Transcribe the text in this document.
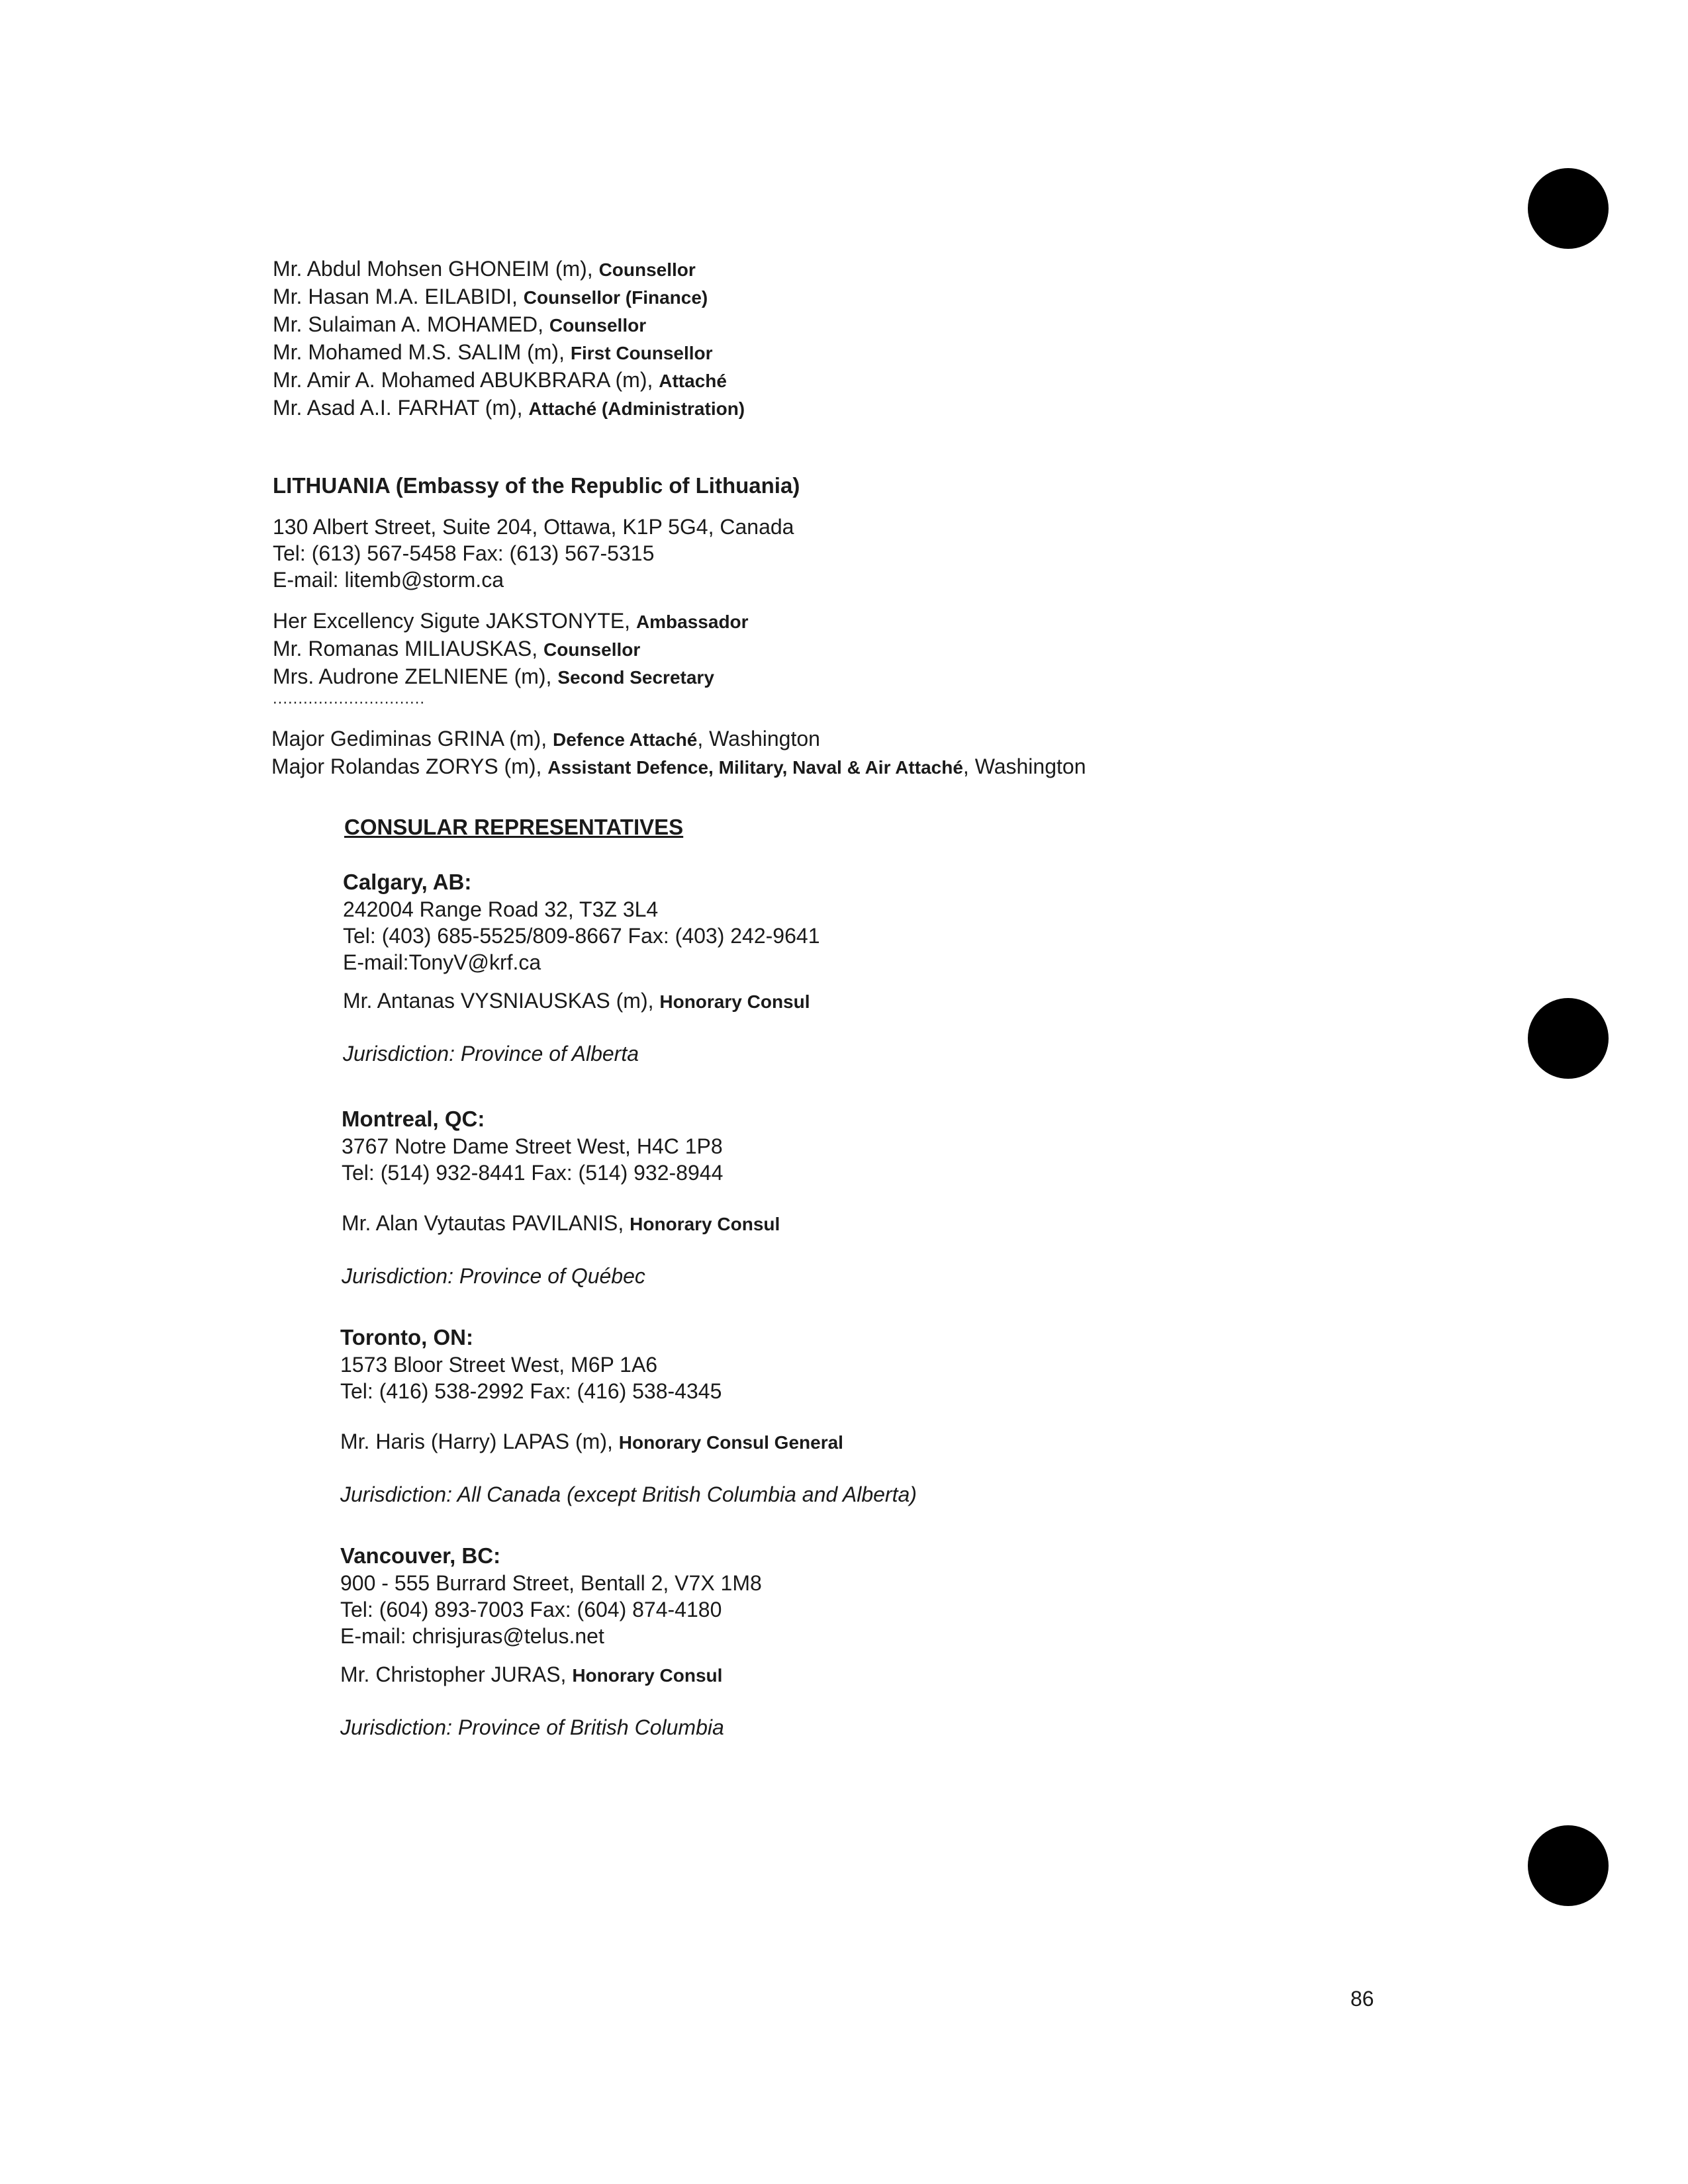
Mr. Abdul Mohsen GHONEIM (m), Counsellor
Mr. Hasan M.A. EILABIDI, Counsellor (Finance)
Mr. Sulaiman A. MOHAMED, Counsellor
Mr. Mohamed M.S. SALIM (m), First Counsellor
Mr. Amir A. Mohamed ABUKBRARA (m), Attaché
Mr. Asad A.I. FARHAT (m), Attaché (Administration)
LITHUANIA (Embassy of the Republic of Lithuania)
130 Albert Street, Suite 204, Ottawa, K1P 5G4, Canada
Tel: (613) 567-5458 Fax: (613) 567-5315
E-mail: litemb@storm.ca
Her Excellency Sigute JAKSTONYTE, Ambassador
Mr. Romanas MILIAUSKAS, Counsellor
Mrs. Audrone ZELNIENE (m), Second Secretary
..............................
Major Gediminas GRINA (m), Defence Attaché, Washington
Major Rolandas ZORYS (m), Assistant Defence, Military, Naval & Air Attaché, Washington
CONSULAR REPRESENTATIVES
Calgary, AB:
242004 Range Road 32, T3Z 3L4
Tel: (403) 685-5525/809-8667 Fax: (403) 242-9641
E-mail:TonyV@krf.ca
Mr. Antanas VYSNIAUSKAS (m), Honorary Consul
Jurisdiction: Province of Alberta
Montreal, QC:
3767 Notre Dame Street West, H4C 1P8
Tel: (514) 932-8441 Fax: (514) 932-8944
Mr. Alan Vytautas PAVILANIS, Honorary Consul
Jurisdiction: Province of Québec
Toronto, ON:
1573 Bloor Street West, M6P 1A6
Tel: (416) 538-2992 Fax: (416) 538-4345
Mr. Haris (Harry) LAPAS (m), Honorary Consul General
Jurisdiction: All Canada (except British Columbia and Alberta)
Vancouver, BC:
900 - 555 Burrard Street, Bentall 2, V7X 1M8
Tel: (604) 893-7003 Fax: (604) 874-4180
E-mail: chrisjuras@telus.net
Mr. Christopher JURAS, Honorary Consul
Jurisdiction: Province of British Columbia
86
